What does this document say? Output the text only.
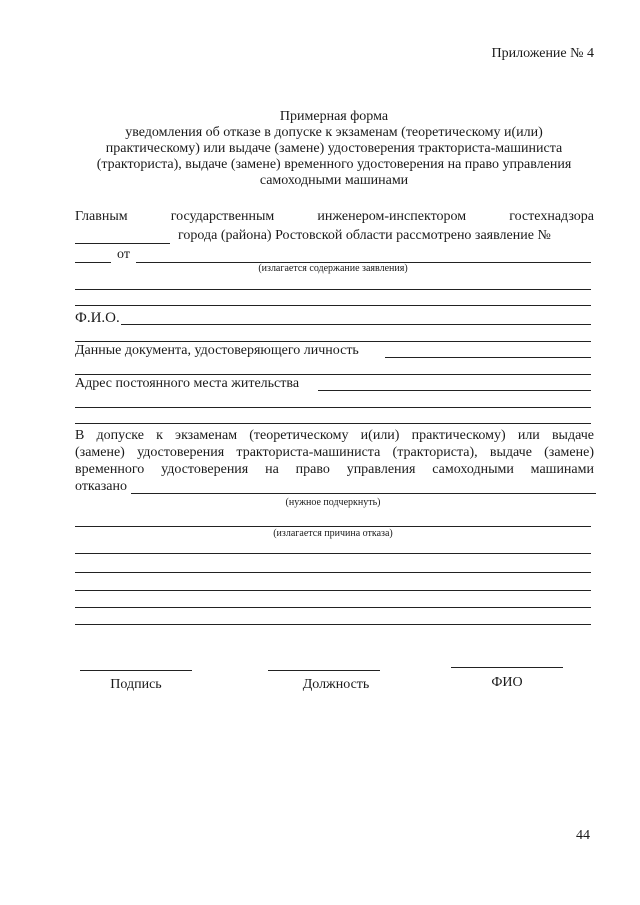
Приложение № 4
Примерная форма
уведомления об отказе в допуске к экзаменам (теоретическому и(или)
практическому) или выдаче (замене) удостоверения тракториста-машиниста
(тракториста), выдаче (замене) временного удостоверения на право управления
самоходными машинами
Главным государственным инженером-инспектором гостехнадзора
города (района) Ростовской области рассмотрено заявление №
от
(излагается содержание заявления)
Ф.И.О.
Данные документа, удостоверяющего личность
Адрес постоянного места жительства
В допуске к экзаменам (теоретическому и(или) практическому) или выдаче
(замене) удостоверения тракториста-машиниста (тракториста), выдаче (замене)
временного удостоверения на право управления самоходными машинами
отказано
(нужное подчеркнуть)
(излагается причина отказа)
Подпись	Должность	ФИО
44
